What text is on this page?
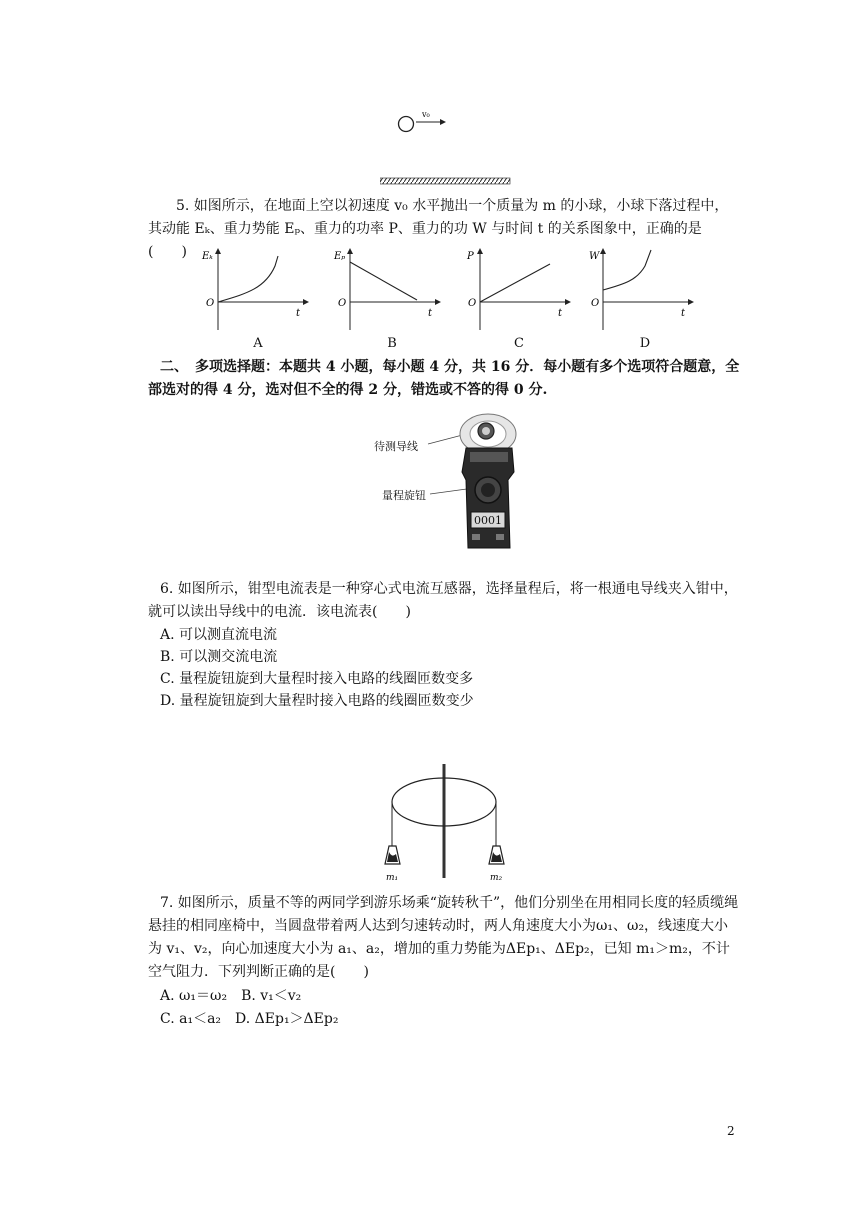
v₀
5. 如图所示，在地面上空以初速度 v₀ 水平抛出一个质量为 m 的小球，小球下落过程中，其动能 Eₖ、重力势能 Eₚ、重力的功率 P、重力的功 W 与时间 t 的关系图象中，正确的是(　　)	Eₖ
O
t
A
Eₚ
O
t
B
P
O
t
C
W
O
t
D
二、　多项选择题：本题共 4 小题，每小题 4 分，共 16 分．每小题有多个选项符合题意，全部选对的得 4 分，选对但不全的得 2 分，错选或不答的得 0 分.
待测导线
量程旋钮
0001
6. 如图所示，钳型电流表是一种穿心式电流互感器，选择量程后，将一根通电导线夹入钳中，就可以读出导线中的电流．该电流表(　　)
A. 可以测直流电流
B. 可以测交流电流
C. 量程旋钮旋到大量程时接入电路的线圈匝数变多
D. 量程旋钮旋到大量程时接入电路的线圈匝数变少
m₁	m₂
7. 如图所示，质量不等的两同学到游乐场乘“旋转秋千”，他们分别坐在用相同长度的轻质缆绳悬挂的相同座椅中，当圆盘带着两人达到匀速转动时，两人角速度大小为ω₁、ω₂，线速度大小为 v₁、v₂，向心加速度大小为 a₁、a₂，增加的重力势能为ΔEp₁、ΔEp₂，已知 m₁＞m₂，不计空气阻力．下列判断正确的是(　　)
A. ω₁＝ω₂　B. v₁＜v₂
C. a₁＜a₂　D. ΔEp₁＞ΔEp₂
2
